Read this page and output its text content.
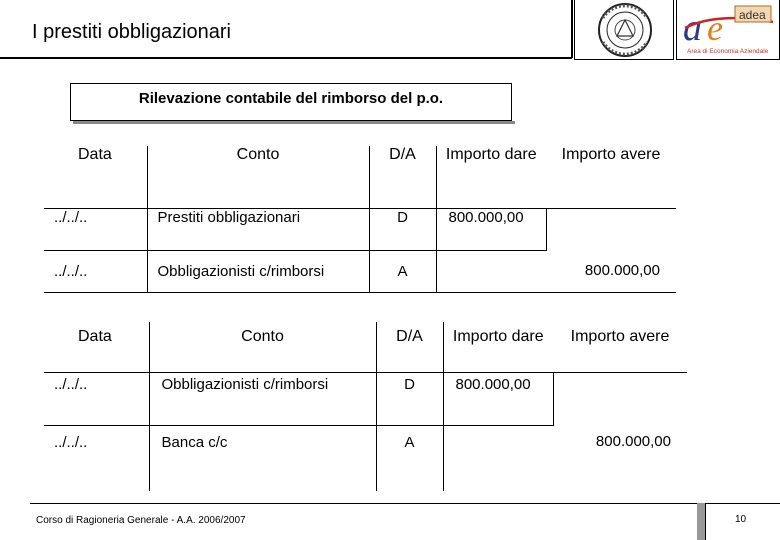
I prestiti obbligazionari	a e adea
Area di Economia Aziendale
Rilevazione contabile del rimborso del p.o.
Data	Conto	D/A	Importo dare	Importo avere
../../..	Prestiti obbligazionari	D	800.000,00	
../../..	Obbligazionisti c/rimborsi	A		800.000,00
Data	Conto	D/A	Importo dare	Importo avere
../../..	Obbligazionisti c/rimborsi	D	800.000,00	
../../..	Banca c/c	A		800.000,00
Corso di Ragioneria Generale - A.A. 2006/2007	10
